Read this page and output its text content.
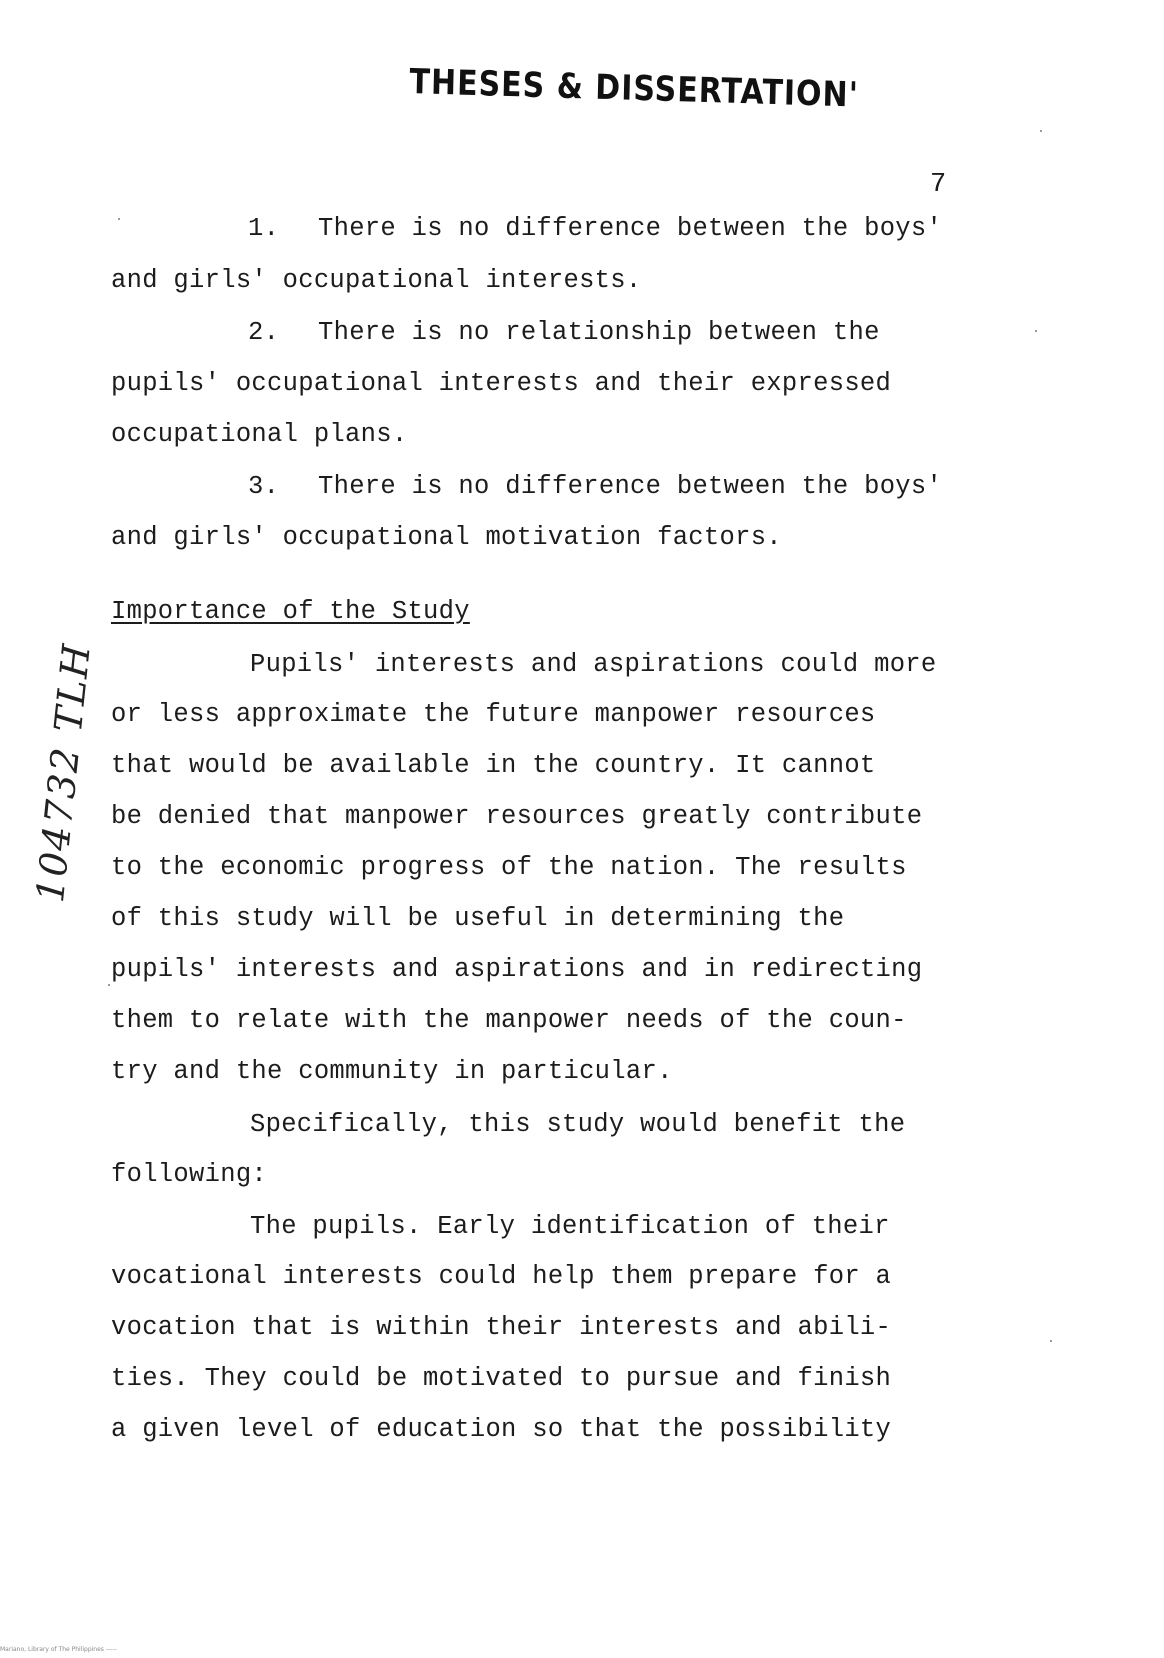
THESES & DISSERTATION'
7
104732 TLH
1. There is no difference between the boys'
and girls' occupational interests.
2. There is no relationship between the
pupils' occupational interests and their expressed
occupational plans.
3. There is no difference between the boys'
and girls' occupational motivation factors.
Importance of the Study
Pupils' interests and aspirations could more
or less approximate the future manpower resources
that would be available in the country. It cannot
be denied that manpower resources greatly contribute
to the economic progress of the nation. The results
of this study will be useful in determining the
pupils' interests and aspirations and in redirecting
them to relate with the manpower needs of the coun-
try and the community in particular.
Specifically, this study would benefit the
following:
The pupils. Early identification of their
vocational interests could help them prepare for a
vocation that is within their interests and abili-
ties. They could be motivated to pursue and finish
a given level of education so that the possibility
Mariano, Library of The Philippines -----
